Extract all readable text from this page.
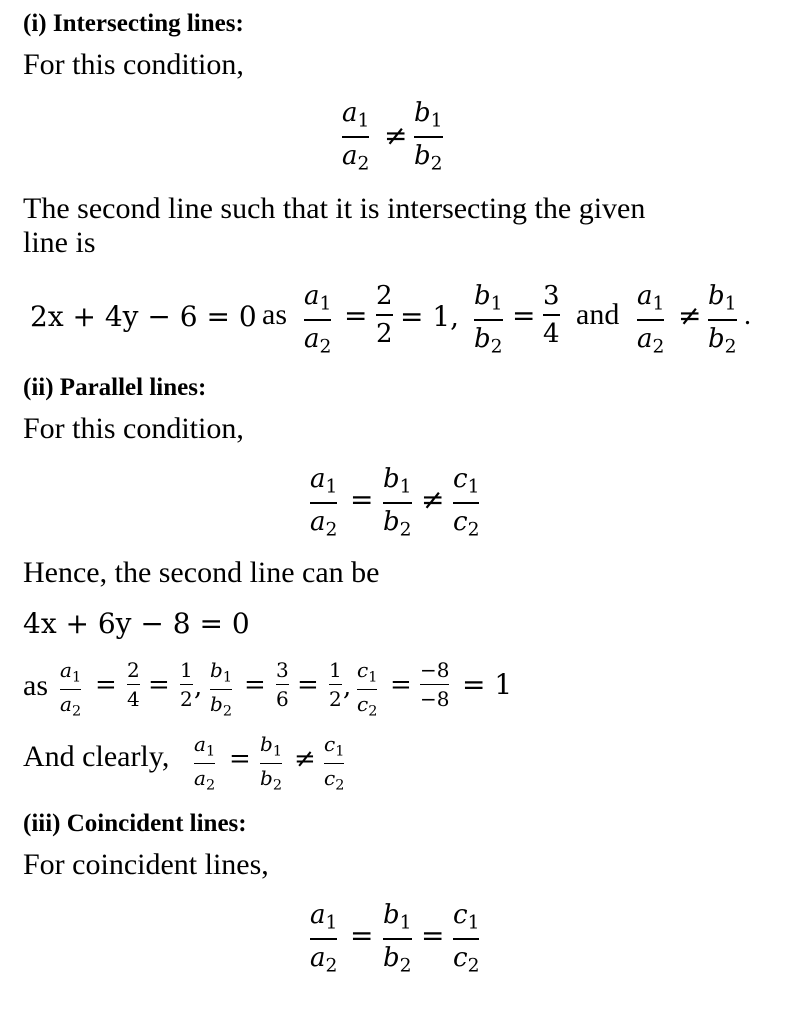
(i) Intersecting lines:
For this condition,
$a_1$
$a_2$
≠
$b_1$
$b_2$
The second line such that it is intersecting the given
line is
2x + 4y − 6 = 0 as
$a_1$
$a_2$
=
2
2
= 1,
$b_1$
$b_2$
=
3
4
and
$a_1$
$a_2$
≠
$b_1$
$b_2$
.
(ii) Parallel lines:
For this condition,
$a_1$
$a_2$
=
$b_1$
$b_2$
≠
$c_1$
$c_2$
Hence, the second line can be
4x + 6y − 8 = 0
as $a_1$
$a_2$
= 2
4 = 1
2 ,
$b_1$
$b_2$
= 3
6 = 1
2 ,
$c_1$
$c_2$
= −8
−8 = 1
And clearly, $a_1$
$a_2$
= $b_1$
$b_2$
≠ $c_1$
$c_2$
(iii) Coincident lines:
For coincident lines,
$a_1$
$a_2$
=
$b_1$
$b_2$
=
$c_1$
$c_2$
